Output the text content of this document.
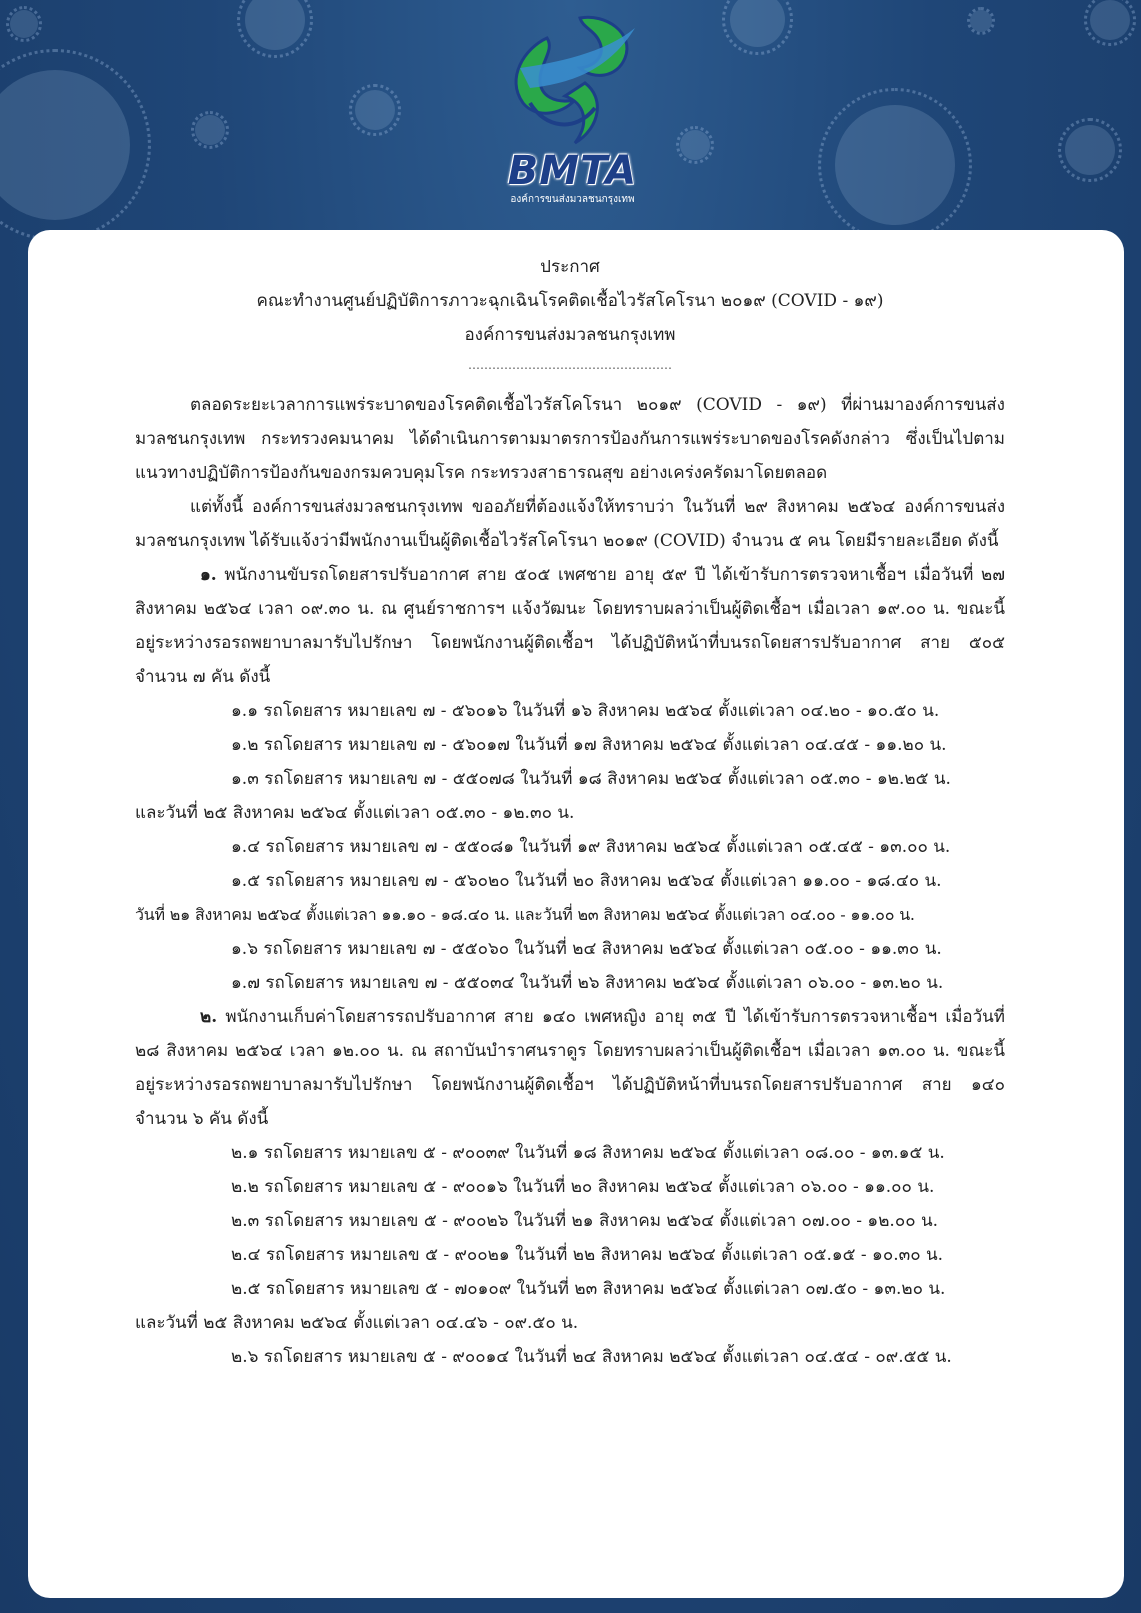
BMTA
องค์การขนส่งมวลชนกรุงเทพ

ประกาศ

คณะทำงานศูนย์ปฏิบัติการภาวะฉุกเฉินโรคติดเชื้อไวรัสโคโรนา ๒๐๑๙ (COVID - ๑๙)

องค์การขนส่งมวลชนกรุงเทพ

……………………………………………

ตลอดระยะเวลาการแพร่ระบาดของโรคติดเชื้อไวรัสโคโรนา ๒๐๑๙ (COVID - ๑๙) ที่ผ่านมาองค์การขนส่งมวลชนกรุงเทพ กระทรวงคมนาคม ได้ดำเนินการตามมาตรการป้องกันการแพร่ระบาดของโรคดังกล่าว ซึ่งเป็นไปตามแนวทางปฏิบัติการป้องกันของกรมควบคุมโรค กระทรวงสาธารณสุข อย่างเคร่งครัดมาโดยตลอด

แต่ทั้งนี้ องค์การขนส่งมวลชนกรุงเทพ ขออภัยที่ต้องแจ้งให้ทราบว่า ในวันที่ ๒๙ สิงหาคม ๒๕๖๔ องค์การขนส่งมวลชนกรุงเทพ ได้รับแจ้งว่ามีพนักงานเป็นผู้ติดเชื้อไวรัสโคโรนา ๒๐๑๙ (COVID) จำนวน ๕ คน โดยมีรายละเอียด ดังนี้

๑. พนักงานขับรถโดยสารปรับอากาศ สาย ๕๐๕ เพศชาย อายุ ๕๙ ปี ได้เข้ารับการตรวจหาเชื้อฯ เมื่อวันที่ ๒๗ สิงหาคม ๒๕๖๔ เวลา ๐๙.๓๐ น. ณ ศูนย์ราชการฯ แจ้งวัฒนะ โดยทราบผลว่าเป็นผู้ติดเชื้อฯ เมื่อเวลา ๑๙.๐๐ น. ขณะนี้อยู่ระหว่างรอรถพยาบาลมารับไปรักษา โดยพนักงานผู้ติดเชื้อฯ ได้ปฏิบัติหน้าที่บนรถโดยสารปรับอากาศ สาย ๕๐๕ จำนวน ๗ คัน ดังนี้

๑.๑ รถโดยสาร หมายเลข ๗ - ๕๖๐๑๖ ในวันที่ ๑๖ สิงหาคม ๒๕๖๔ ตั้งแต่เวลา ๐๔.๒๐ - ๑๐.๕๐ น.

๑.๒ รถโดยสาร หมายเลข ๗ - ๕๖๐๑๗ ในวันที่ ๑๗ สิงหาคม ๒๕๖๔ ตั้งแต่เวลา ๐๔.๔๕ - ๑๑.๒๐ น.

๑.๓ รถโดยสาร หมายเลข ๗ - ๕๕๐๗๘ ในวันที่ ๑๘ สิงหาคม ๒๕๖๔ ตั้งแต่เวลา ๐๕.๓๐ - ๑๒.๒๕ น.

และวันที่ ๒๕ สิงหาคม ๒๕๖๔ ตั้งแต่เวลา ๐๕.๓๐ - ๑๒.๓๐ น.

๑.๔ รถโดยสาร หมายเลข ๗ - ๕๕๐๘๑ ในวันที่ ๑๙ สิงหาคม ๒๕๖๔ ตั้งแต่เวลา ๐๕.๔๕ - ๑๓.๐๐ น.

๑.๕ รถโดยสาร หมายเลข ๗ - ๕๖๐๒๐ ในวันที่ ๒๐ สิงหาคม ๒๕๖๔ ตั้งแต่เวลา ๑๑.๐๐ - ๑๘.๔๐ น.

วันที่ ๒๑ สิงหาคม ๒๕๖๔ ตั้งแต่เวลา ๑๑.๑๐ - ๑๘.๔๐ น. และวันที่ ๒๓ สิงหาคม ๒๕๖๔ ตั้งแต่เวลา ๐๔.๐๐ - ๑๑.๐๐ น.

๑.๖ รถโดยสาร หมายเลข ๗ - ๕๕๐๖๐ ในวันที่ ๒๔ สิงหาคม ๒๕๖๔ ตั้งแต่เวลา ๐๕.๐๐ - ๑๑.๓๐ น.

๑.๗ รถโดยสาร หมายเลข ๗ - ๕๕๐๓๔ ในวันที่ ๒๖ สิงหาคม ๒๕๖๔ ตั้งแต่เวลา ๐๖.๐๐ - ๑๓.๒๐ น.

๒. พนักงานเก็บค่าโดยสารรถปรับอากาศ สาย ๑๔๐ เพศหญิง อายุ ๓๕ ปี ได้เข้ารับการตรวจหาเชื้อฯ เมื่อวันที่ ๒๘ สิงหาคม ๒๕๖๔ เวลา ๑๒.๐๐ น. ณ สถาบันบำราศนราดูร โดยทราบผลว่าเป็นผู้ติดเชื้อฯ เมื่อเวลา ๑๓.๐๐ น. ขณะนี้อยู่ระหว่างรอรถพยาบาลมารับไปรักษา โดยพนักงานผู้ติดเชื้อฯ ได้ปฏิบัติหน้าที่บนรถโดยสารปรับอากาศ สาย ๑๔๐ จำนวน ๖ คัน ดังนี้

๒.๑ รถโดยสาร หมายเลข ๕ - ๙๐๐๓๙ ในวันที่ ๑๘ สิงหาคม ๒๕๖๔ ตั้งแต่เวลา ๐๘.๐๐ - ๑๓.๑๕ น.

๒.๒ รถโดยสาร หมายเลข ๕ - ๙๐๐๑๖ ในวันที่ ๒๐ สิงหาคม ๒๕๖๔ ตั้งแต่เวลา ๐๖.๐๐ - ๑๑.๐๐ น.

๒.๓ รถโดยสาร หมายเลข ๕ - ๙๐๐๒๖ ในวันที่ ๒๑ สิงหาคม ๒๕๖๔ ตั้งแต่เวลา ๐๗.๐๐ - ๑๒.๐๐ น.

๒.๔ รถโดยสาร หมายเลข ๕ - ๙๐๐๒๑ ในวันที่ ๒๒ สิงหาคม ๒๕๖๔ ตั้งแต่เวลา ๐๕.๑๕ - ๑๐.๓๐ น.

๒.๕ รถโดยสาร หมายเลข ๕ - ๗๐๑๐๙ ในวันที่ ๒๓ สิงหาคม ๒๕๖๔ ตั้งแต่เวลา ๐๗.๕๐ - ๑๓.๒๐ น.

และวันที่ ๒๕ สิงหาคม ๒๕๖๔ ตั้งแต่เวลา ๐๔.๔๖ - ๐๙.๕๐ น.

๒.๖ รถโดยสาร หมายเลข ๕ - ๙๐๐๑๔ ในวันที่ ๒๔ สิงหาคม ๒๕๖๔ ตั้งแต่เวลา ๐๔.๕๔ - ๐๙.๕๕ น.
